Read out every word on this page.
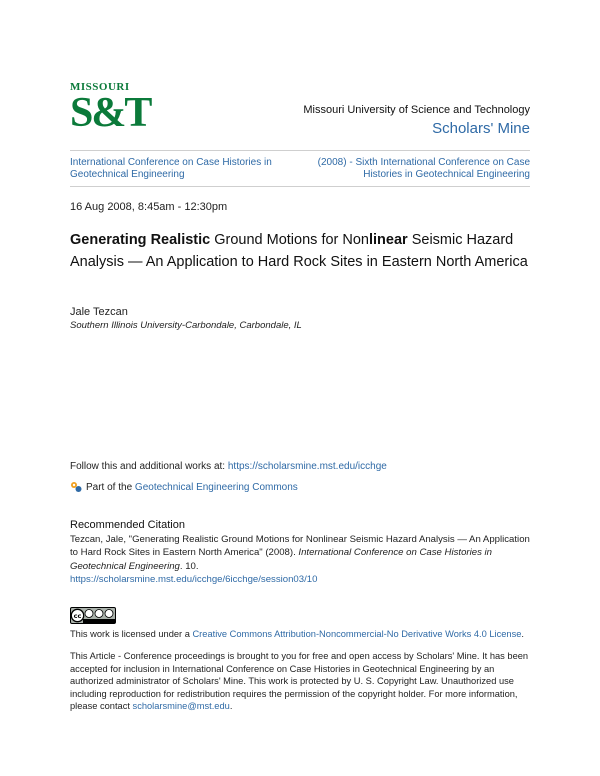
MISSOURI
S&T	Missouri University of Science and Technology
Scholars' Mine
International Conference on Case Histories in Geotechnical Engineering
(2008) - Sixth International Conference on Case Histories in Geotechnical Engineering
16 Aug 2008, 8:45am - 12:30pm
Generating Realistic Ground Motions for Nonlinear Seismic Hazard Analysis — An Application to Hard Rock Sites in Eastern North America
Jale Tezcan
Southern Illinois University-Carbondale, Carbondale, IL
Follow this and additional works at: https://scholarsmine.mst.edu/icchge
Part of the
Geotechnical Engineering Commons
Recommended Citation
Tezcan, Jale, "Generating Realistic Ground Motions for Nonlinear Seismic Hazard Analysis — An Application to Hard Rock Sites in Eastern North America" (2008). International Conference on Case Histories in Geotechnical Engineering. 10.
https://scholarsmine.mst.edu/icchge/6icchge/session03/10
cc
This work is licensed under a Creative Commons Attribution-Noncommercial-No Derivative Works 4.0 License.
This Article - Conference proceedings is brought to you for free and open access by Scholars' Mine. It has been accepted for inclusion in International Conference on Case Histories in Geotechnical Engineering by an authorized administrator of Scholars' Mine. This work is protected by U. S. Copyright Law. Unauthorized use including reproduction for redistribution requires the permission of the copyright holder. For more information, please contact scholarsmine@mst.edu.
